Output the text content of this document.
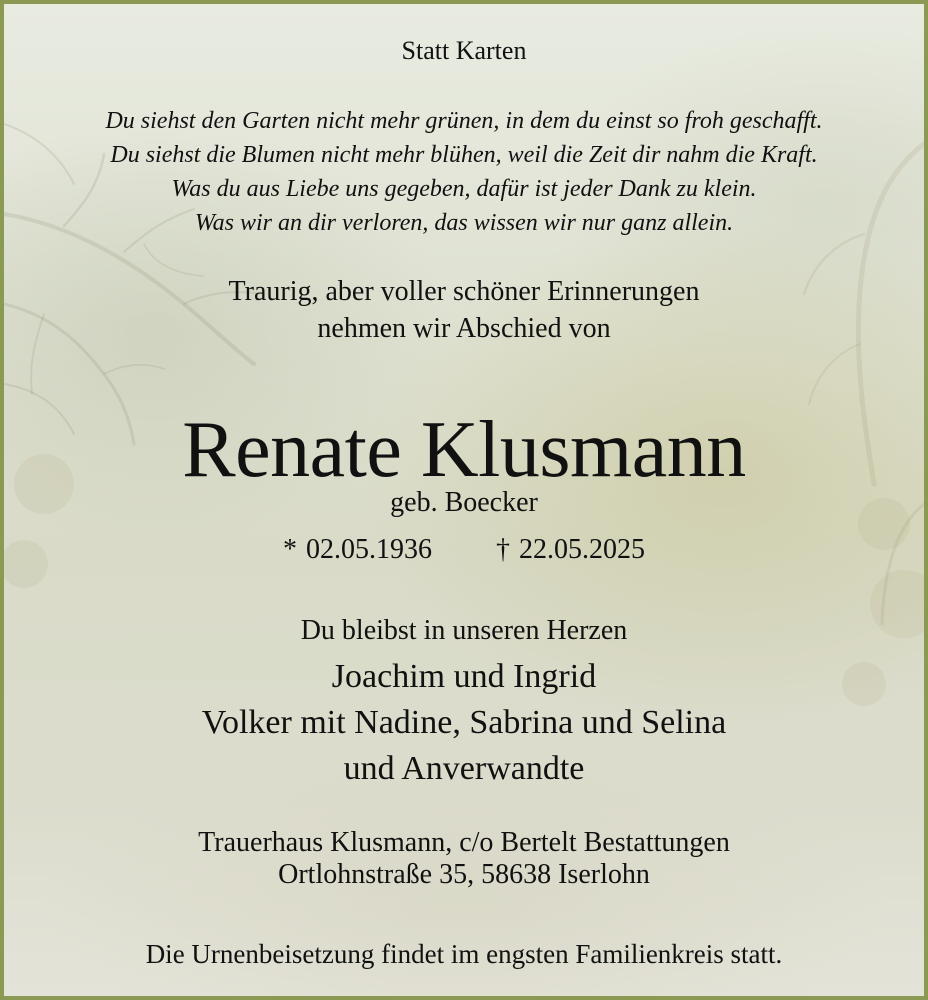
Statt Karten
Du siehst den Garten nicht mehr grünen, in dem du einst so froh geschafft.
Du siehst die Blumen nicht mehr blühen, weil die Zeit dir nahm die Kraft.
Was du aus Liebe uns gegeben, dafür ist jeder Dank zu klein.
Was wir an dir verloren, das wissen wir nur ganz allein.
Traurig, aber voller schöner Erinnerungen
nehmen wir Abschied von
Renate Klusmann
geb. Boecker
* 02.05.1936 † 22.05.2025
Du bleibst in unseren Herzen
Joachim und Ingrid
Volker mit Nadine, Sabrina und Selina
und Anverwandte
Trauerhaus Klusmann, c/o Bertelt Bestattungen
Ortlohnstraße 35, 58638 Iserlohn
Die Urnenbeisetzung findet im engsten Familienkreis statt.
